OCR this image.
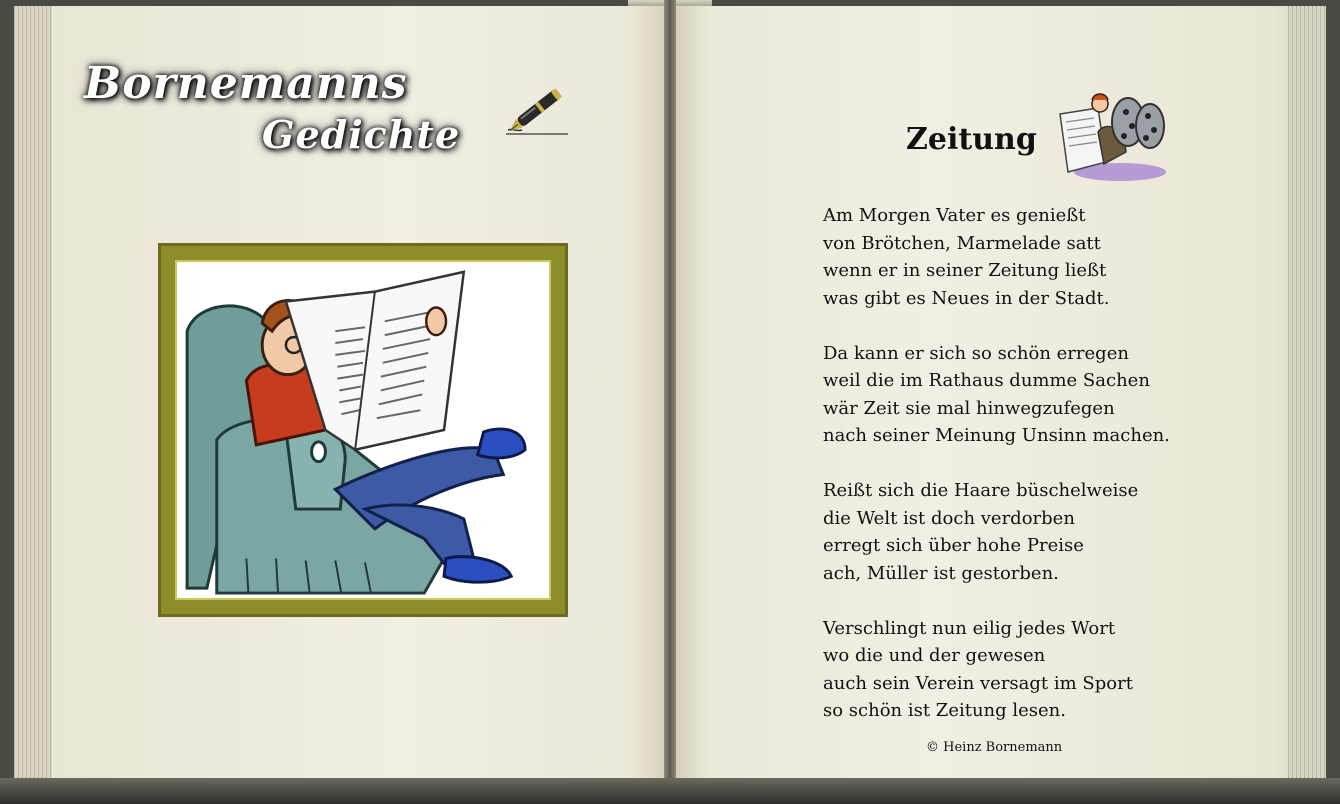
Bornemanns
Gedichte	Zeitung
Am Morgen Vater es genießt
von Brötchen, Marmelade satt
wenn er in seiner Zeitung ließt
was gibt es Neues in der Stadt.
Da kann er sich so schön erregen
weil die im Rathaus dumme Sachen
wär Zeit sie mal hinwegzufegen
nach seiner Meinung Unsinn machen.
Reißt sich die Haare büschelweise
die Welt ist doch verdorben
erregt sich über hohe Preise
ach, Müller ist gestorben.
Verschlingt nun eilig jedes Wort
wo die und der gewesen
auch sein Verein versagt im Sport
so schön ist Zeitung lesen.
© Heinz Bornemann
